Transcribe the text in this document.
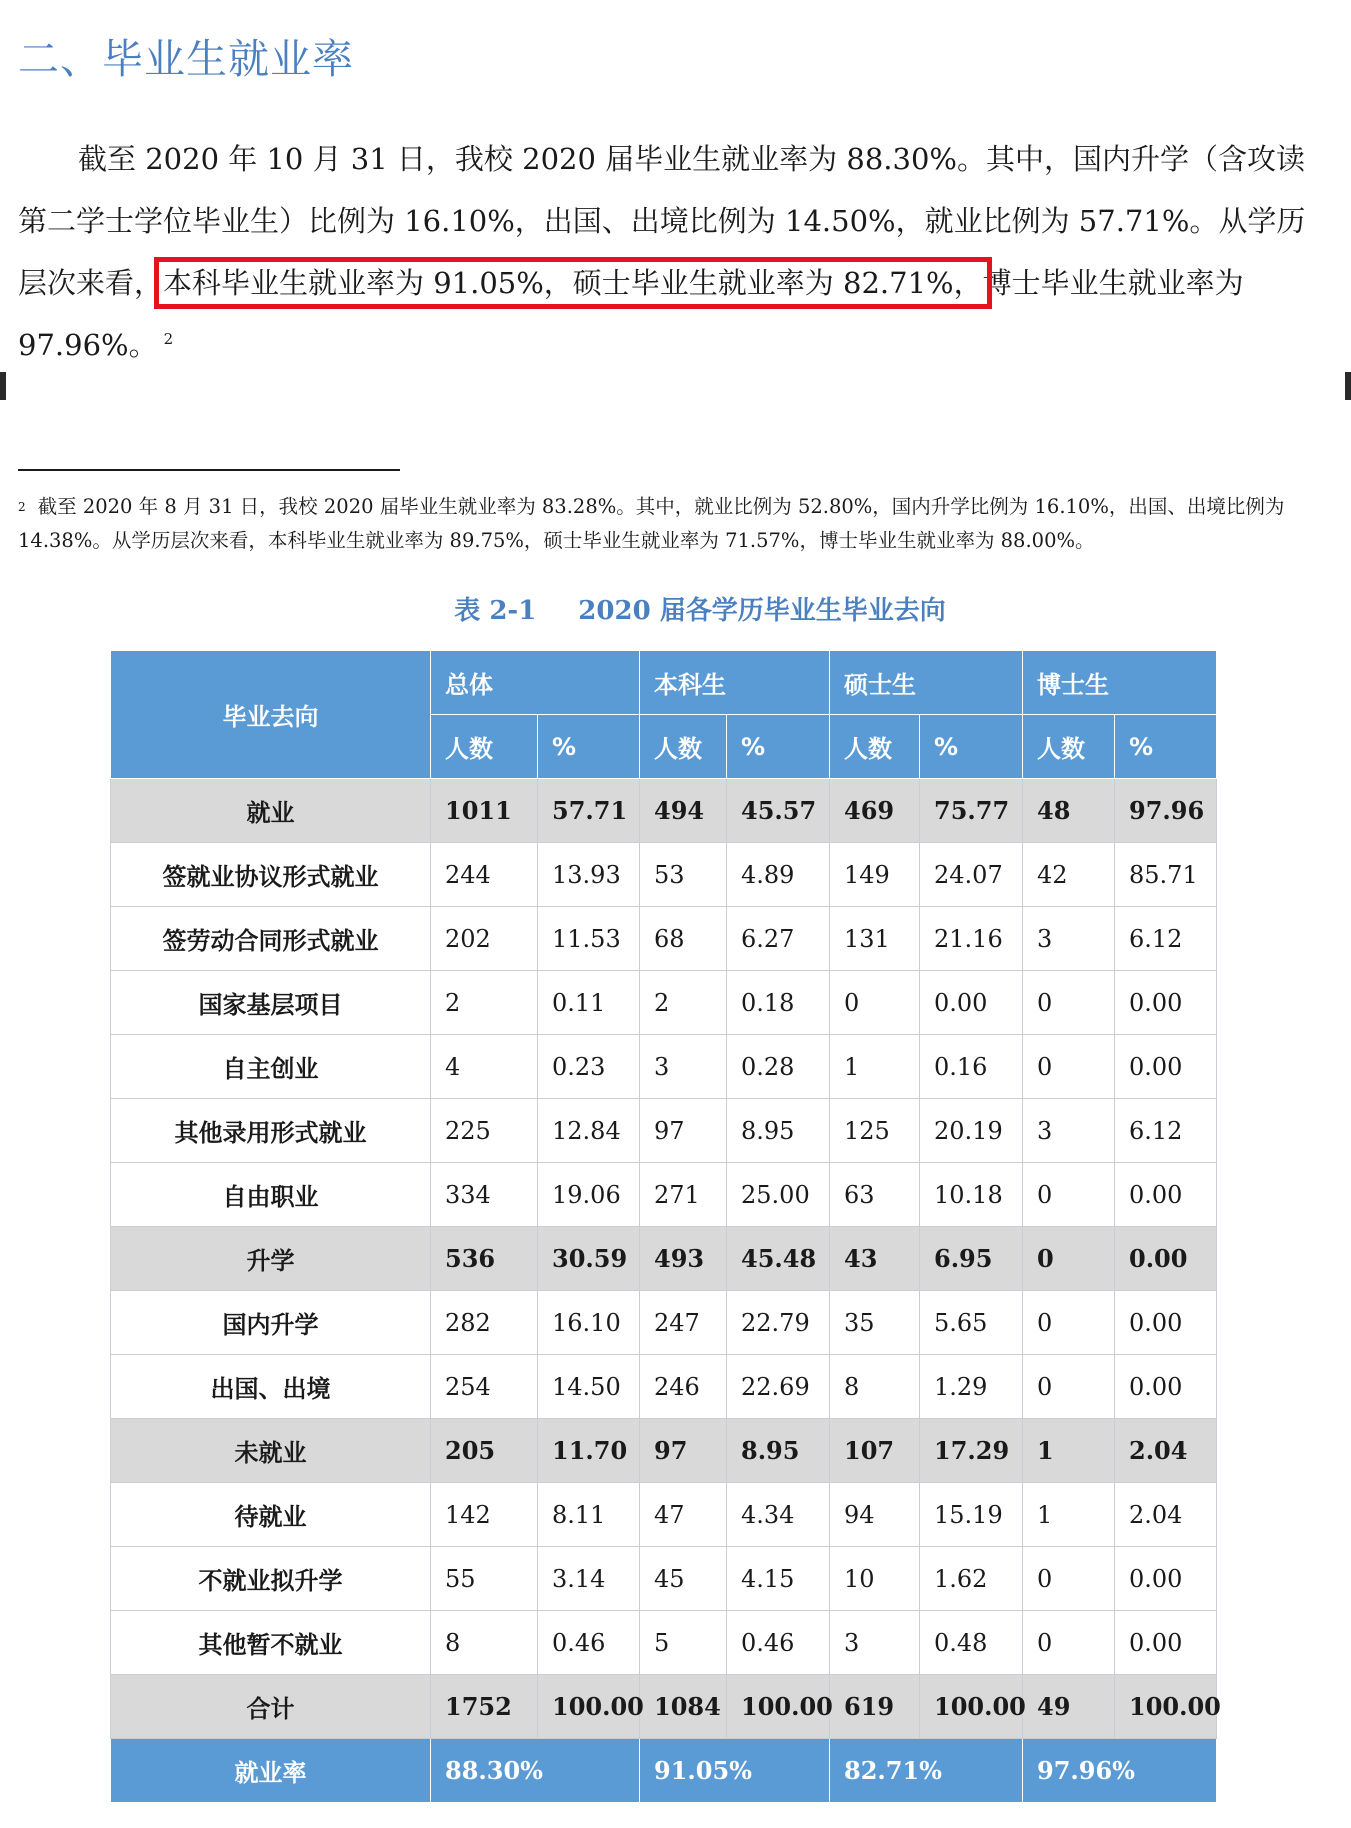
二、毕业生就业率

截至 2020 年 10 月 31 日，我校 2020 届毕业生就业率为 88.30%。其中，国内升学（含攻读第二学士学位毕业生）比例为 16.10%，出国、出境比例为 14.50%，就业比例为 57.71%。从学历层次来看，本科毕业生就业率为 91.05%，硕士毕业生就业率为 82.71%，博士毕业生就业率为 97.96%。 $^2$

$^2$ 截至 2020 年 8 月 31 日，我校 2020 届毕业生就业率为 83.28%。其中，就业比例为 52.80%，国内升学比例为 16.10%，出国、出境比例为 14.38%。从学历层次来看，本科毕业生就业率为 89.75%，硕士毕业生就业率为 71.57%，博士毕业生就业率为 88.00%。

表 2-1 2020 届各学历毕业生毕业去向
毕业去向	总体		本科生		硕士生		博士生	
	人数	%	人数	%	人数	%	人数	%
就业	1011	57.71	494	45.57	469	75.77	48	97.96
签就业协议形式就业	244	13.93	53	4.89	149	24.07	42	85.71
签劳动合同形式就业	202	11.53	68	6.27	131	21.16	3	6.12
国家基层项目	2	0.11	2	0.18	0	0.00	0	0.00
自主创业	4	0.23	3	0.28	1	0.16	0	0.00
其他录用形式就业	225	12.84	97	8.95	125	20.19	3	6.12
自由职业	334	19.06	271	25.00	63	10.18	0	0.00
升学	536	30.59	493	45.48	43	6.95	0	0.00
国内升学	282	16.10	247	22.79	35	5.65	0	0.00
出国、出境	254	14.50	246	22.69	8	1.29	0	0.00
未就业	205	11.70	97	8.95	107	17.29	1	2.04
待就业	142	8.11	47	4.34	94	15.19	1	2.04
不就业拟升学	55	3.14	45	4.15	10	1.62	0	0.00
其他暂不就业	8	0.46	5	0.46	3	0.48	0	0.00
合计	1752	100.00	1084	100.00	619	100.00	49	100.00
就业率	88.30%		91.05%		82.71%		97.96%	
